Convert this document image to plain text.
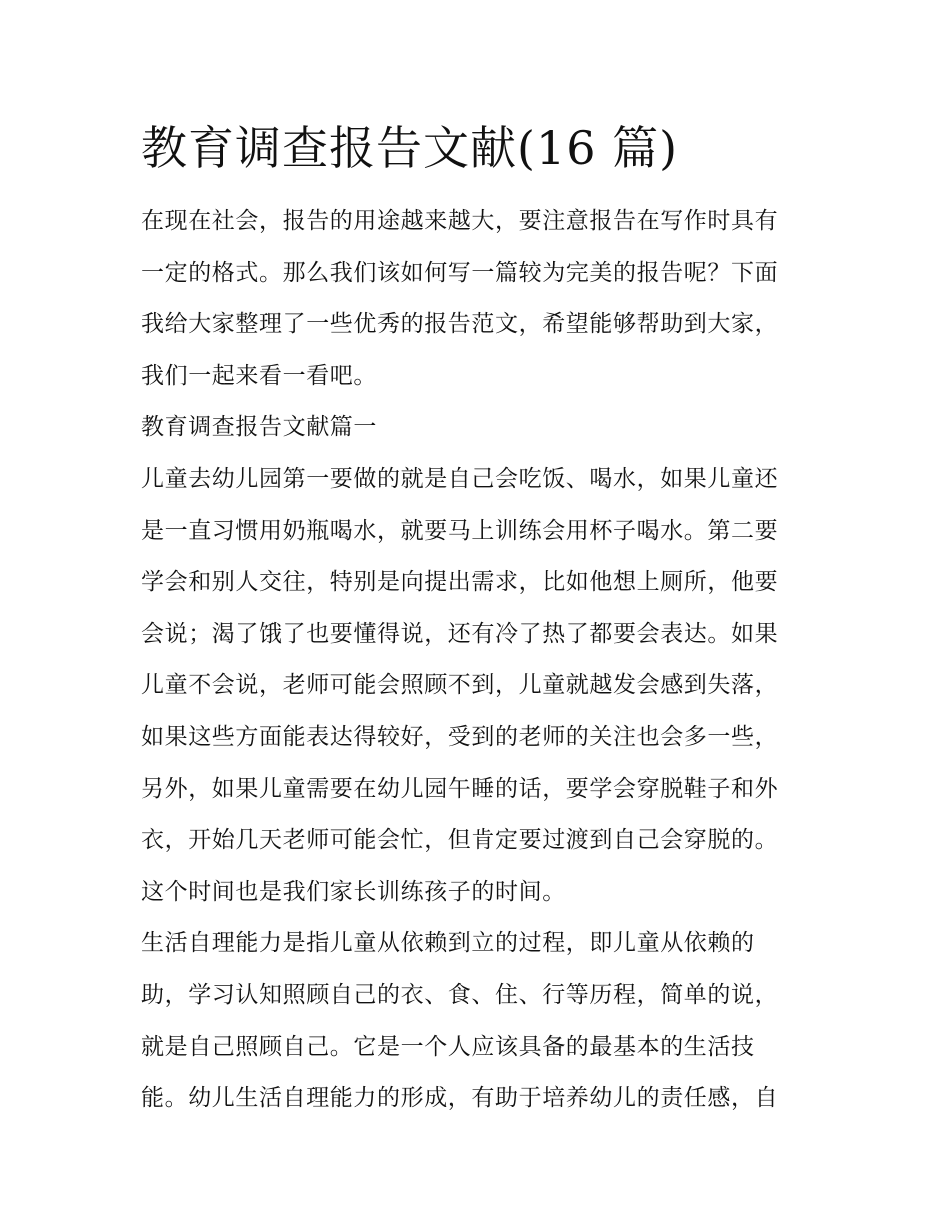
教育调查报告文献(16 篇)
在现在社会，报告的用途越来越大，要注意报告在写作时具有
一定的格式。那么我们该如何写一篇较为完美的报告呢？下面
我给大家整理了一些优秀的报告范文，希望能够帮助到大家，
我们一起来看一看吧。
教育调查报告文献篇一
儿童去幼儿园第一要做的就是自己会吃饭、喝水，如果儿童还
是一直习惯用奶瓶喝水，就要马上训练会用杯子喝水。第二要
学会和别人交往，特别是向提出需求，比如他想上厕所，他要
会说；渴了饿了也要懂得说，还有冷了热了都要会表达。如果
儿童不会说，老师可能会照顾不到，儿童就越发会感到失落，
如果这些方面能表达得较好，受到的老师的关注也会多一些，
另外，如果儿童需要在幼儿园午睡的话，要学会穿脱鞋子和外
衣，开始几天老师可能会忙，但肯定要过渡到自己会穿脱的。
这个时间也是我们家长训练孩子的时间。
生活自理能力是指儿童从依赖到立的过程，即儿童从依赖的
助，学习认知照顾自己的衣、食、住、行等历程，简单的说，
就是自己照顾自己。它是一个人应该具备的最基本的生活技
能。幼儿生活自理能力的形成，有助于培养幼儿的责任感，自
